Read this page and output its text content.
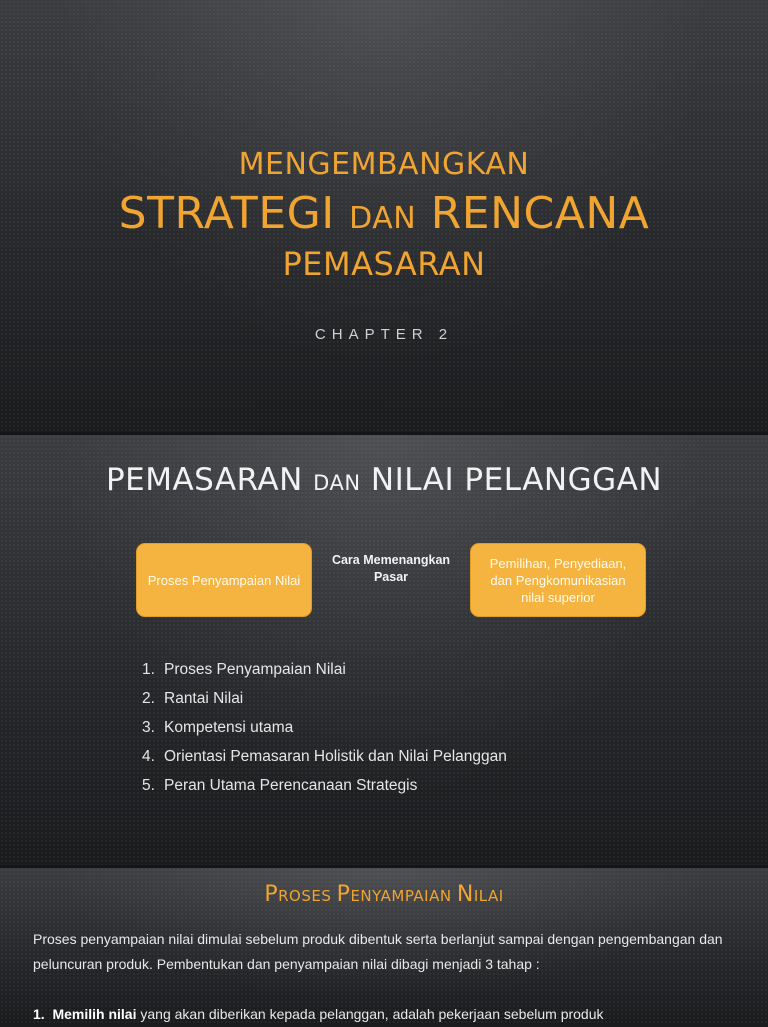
MENGEMBANGKAN
STRATEGI DAN RENCANA
PEMASARAN
CHAPTER 2
PEMASARAN DAN NILAI PELANGGAN
Proses Penyampaian Nilai
Cara Memenangkan Pasar
Pemilihan, Penyediaan, dan Pengkomunikasian nilai superior
1. Proses Penyampaian Nilai
2. Rantai Nilai
3. Kompetensi utama
4. Orientasi Pemasaran Holistik dan Nilai Pelanggan
5. Peran Utama Perencanaan Strategis
PROSES PENYAMPAIAN NILAI

Proses penyampaian nilai dimulai sebelum produk dibentuk serta berlanjut sampai dengan pengembangan dan peluncuran produk. Pembentukan dan penyampaian nilai dibagi menjadi 3 tahap :

1. Memilih nilai yang akan diberikan kepada pelanggan, adalah pekerjaan sebelum produk
